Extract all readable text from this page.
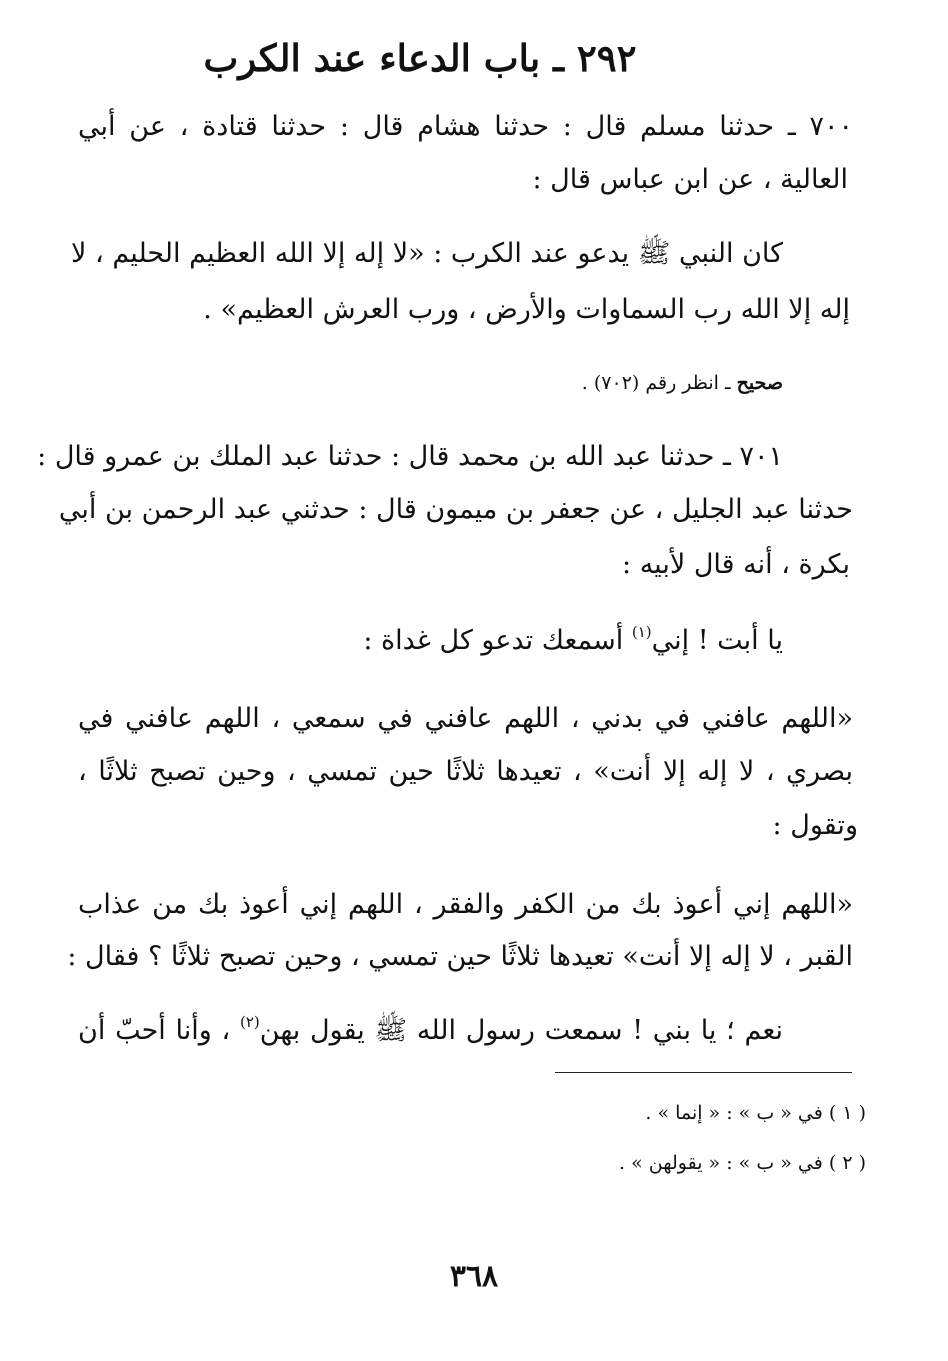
٢٩٢ ـ باب الدعاء عند الكرب
٧٠٠ ـ حدثنا مسلم قال : حدثنا هشام قال : حدثنا قتادة ، عن أبي
العالية ، عن ابن عباس قال :
كان النبي ﷺ يدعو عند الكرب : «لا إله إلا الله العظيم الحليم ، لا
إله إلا الله رب السماوات والأرض ، ورب العرش العظيم» .
صحيح ـ انظر رقم (٧٠٢) .
٧٠١ ـ حدثنا عبد الله بن محمد قال : حدثنا عبد الملك بن عمرو قال :
حدثنا عبد الجليل ، عن جعفر بن ميمون قال : حدثني عبد الرحمن بن أبي
بكرة ، أنه قال لأبيه :
يا أبت ! إني$^{(١)}$ أسمعك تدعو كل غداة :
«اللهم عافني في بدني ، اللهم عافني في سمعي ، اللهم عافني في
بصري ، لا إله إلا أنت» ، تعيدها ثلاثًا حين تمسي ، وحين تصبح ثلاثًا ،
وتقول :
«اللهم إني أعوذ بك من الكفر والفقر ، اللهم إني أعوذ بك من عذاب
القبر ، لا إله إلا أنت» تعيدها ثلاثًا حين تمسي ، وحين تصبح ثلاثًا ؟ فقال :
نعم ؛ يا بني ! سمعت رسول الله ﷺ يقول بهن$^{(٢)}$ ، وأنا أحبّ أن
( ١ ) في « ب » : « إنما » .
( ٢ ) في « ب » : « يقولهن » .
٣٦٨
